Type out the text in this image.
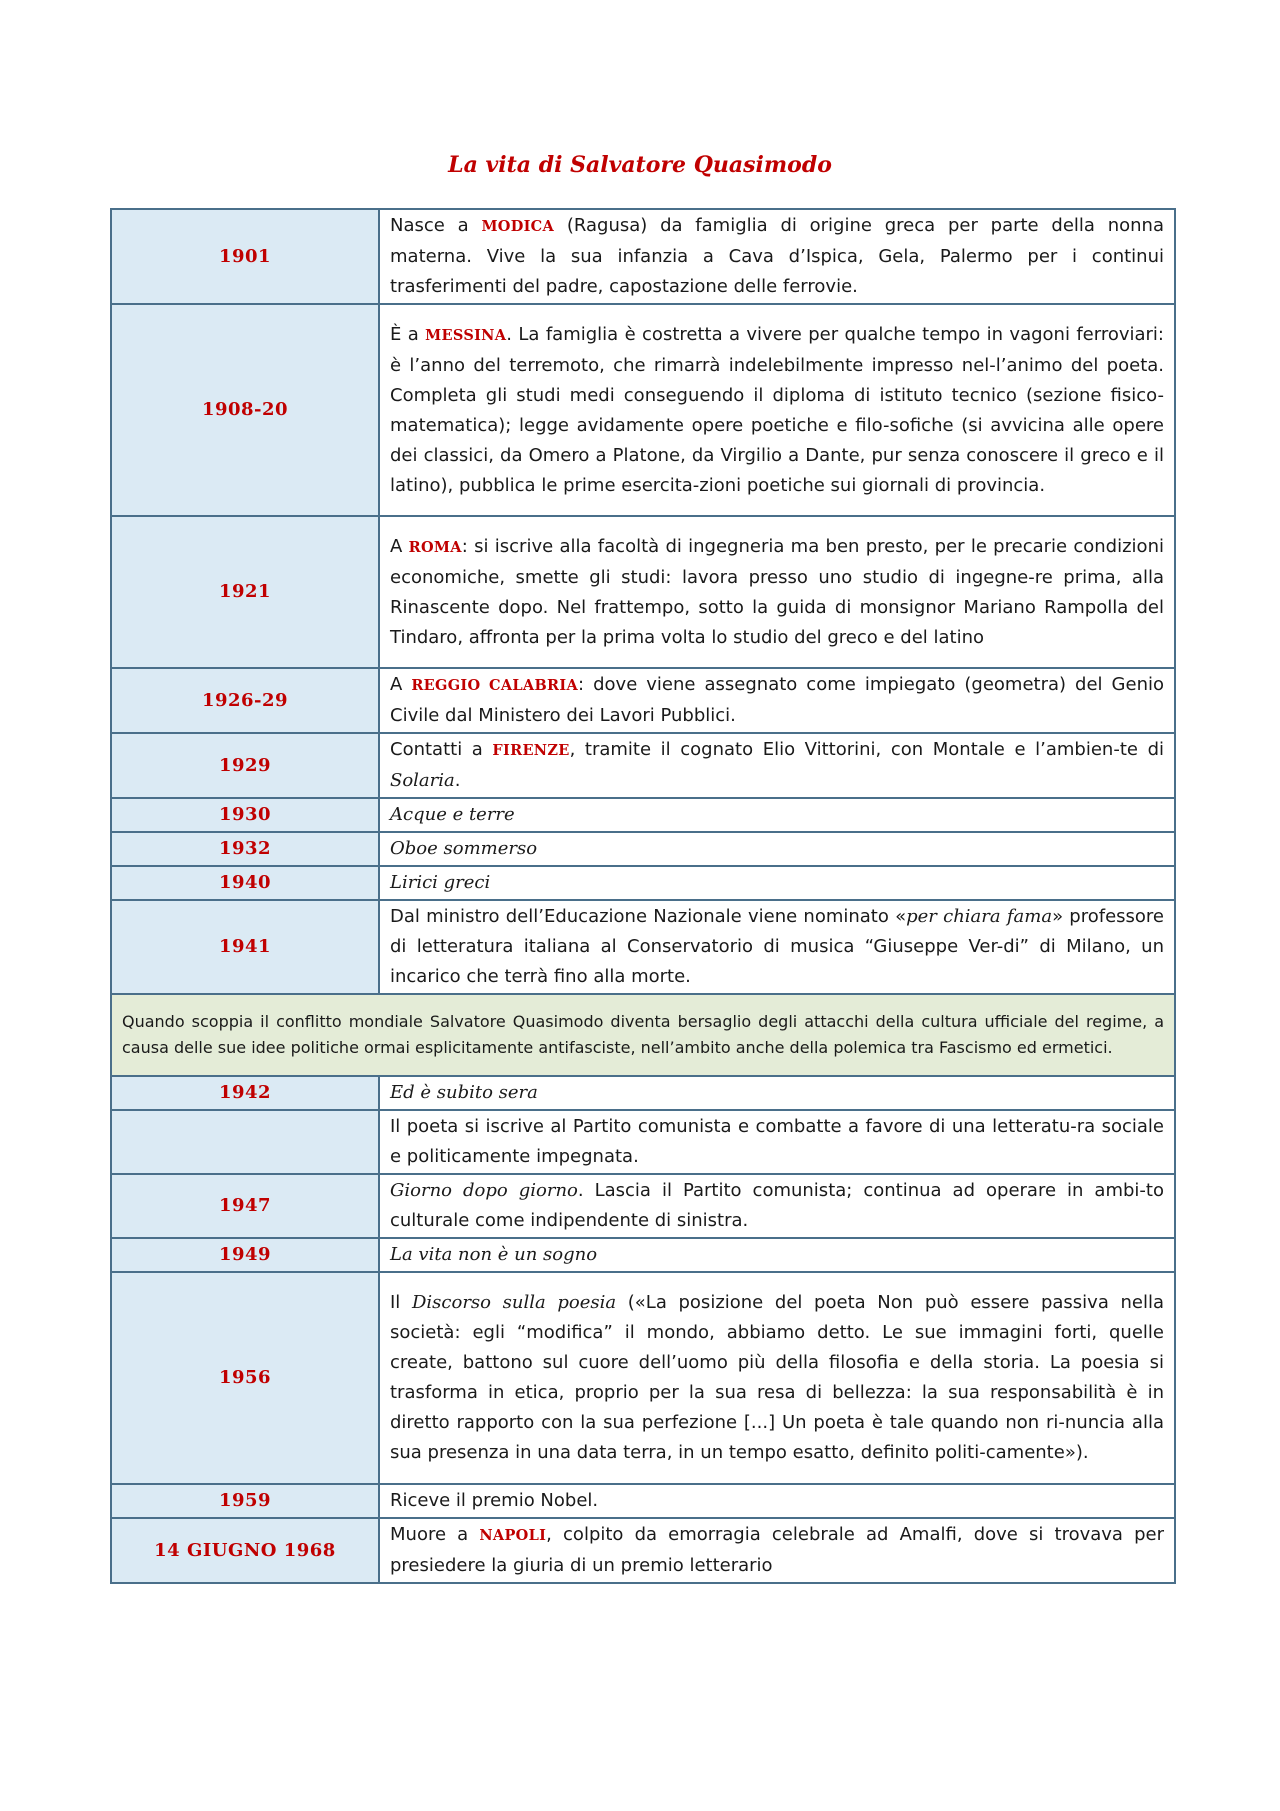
La vita di Salvatore Quasimodo
1901	Nasce a MODICA (Ragusa) da famiglia di origine greca per parte della nonna materna. Vive la sua infanzia a Cava d’Ispica, Gela, Palermo per i continui trasferimenti del padre, capostazione delle ferrovie.
1908-20	È a MESSINA. La famiglia è costretta a vivere per qualche tempo in vagoni ferroviari: è l’anno del terremoto, che rimarrà indelebilmente impresso nel-l’animo del poeta. Completa gli studi medi conseguendo il diploma di istituto tecnico (sezione fisico-matematica); legge avidamente opere poetiche e filo-sofiche (si avvicina alle opere dei classici, da Omero a Platone, da Virgilio a Dante, pur senza conoscere il greco e il latino), pubblica le prime esercita-zioni poetiche sui giornali di provincia.
1921	A ROMA: si iscrive alla facoltà di ingegneria ma ben presto, per le precarie condizioni economiche, smette gli studi: lavora presso uno studio di ingegne-re prima, alla Rinascente dopo. Nel frattempo, sotto la guida di monsignor Mariano Rampolla del Tindaro, affronta per la prima volta lo studio del greco e del latino
1926-29	A REGGIO CALABRIA: dove viene assegnato come impiegato (geometra) del Genio Civile dal Ministero dei Lavori Pubblici.
1929	Contatti a FIRENZE, tramite il cognato Elio Vittorini, con Montale e l’ambien-te di Solaria.
1930	Acque e terre
1932	Oboe sommerso
1940	Lirici greci
1941	Dal ministro dell’Educazione Nazionale viene nominato «per chiara fama» professore di letteratura italiana al Conservatorio di musica “Giuseppe Ver-di” di Milano, un incarico che terrà fino alla morte.
Quando scoppia il conflitto mondiale Salvatore Quasimodo diventa bersaglio degli attacchi della cultura ufficiale del regime, a causa delle sue idee politiche ormai esplicitamente antifasciste, nell’ambito anche della polemica tra Fascismo ed ermetici.	
1942	Ed è subito sera
	Il poeta si iscrive al Partito comunista e combatte a favore di una letteratu-ra sociale e politicamente impegnata.
1947	Giorno dopo giorno. Lascia il Partito comunista; continua ad operare in ambi-to culturale come indipendente di sinistra.
1949	La vita non è un sogno
1956	Il Discorso sulla poesia («La posizione del poeta Non può essere passiva nella società: egli “modifica” il mondo, abbiamo detto. Le sue immagini forti, quelle create, battono sul cuore dell’uomo più della filosofia e della storia. La poesia si trasforma in etica, proprio per la sua resa di bellezza: la sua responsabilità è in diretto rapporto con la sua perfezione [...] Un poeta è tale quando non ri-nuncia alla sua presenza in una data terra, in un tempo esatto, definito politi-camente»).
1959	Riceve il premio Nobel.
14 GIUGNO 1968	Muore a NAPOLI, colpito da emorragia celebrale ad Amalfi, dove si trovava per presiedere la giuria di un premio letterario
